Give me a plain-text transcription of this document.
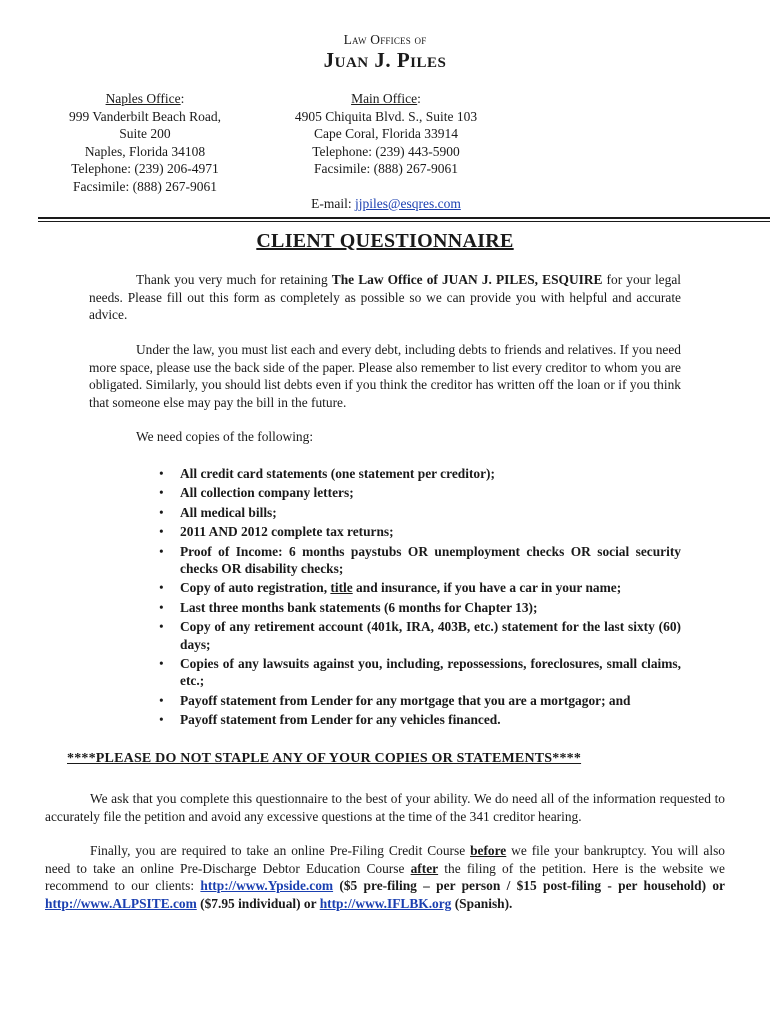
Law Offices of
Juan J. Piles
Naples Office:
999 Vanderbilt Beach Road,
Suite 200
Naples, Florida 34108
Telephone: (239) 206-4971
Facsimile: (888) 267-9061
Main Office:
4905 Chiquita Blvd. S., Suite 103
Cape Coral, Florida 33914
Telephone: (239) 443-5900
Facsimile: (888) 267-9061
E-mail: jjpiles@esqres.com
CLIENT QUESTIONNAIRE
Thank you very much for retaining The Law Office of JUAN J. PILES, ESQUIRE for your legal needs. Please fill out this form as completely as possible so we can provide you with helpful and accurate advice.
Under the law, you must list each and every debt, including debts to friends and relatives. If you need more space, please use the back side of the paper. Please also remember to list every creditor to whom you are obligated. Similarly, you should list debts even if you think the creditor has written off the loan or if you think that someone else may pay the bill in the future.
We need copies of the following:
• All credit card statements (one statement per creditor);
• All collection company letters;
• All medical bills;
• 2011 AND 2012 complete tax returns;
• Proof of Income: 6 months paystubs OR unemployment checks OR social security checks OR disability checks;
• Copy of auto registration, title and insurance, if you have a car in your name;
• Last three months bank statements (6 months for Chapter 13);
• Copy of any retirement account (401k, IRA, 403B, etc.) statement for the last sixty (60) days;
• Copies of any lawsuits against you, including, repossessions, foreclosures, small claims, etc.;
• Payoff statement from Lender for any mortgage that you are a mortgagor; and
• Payoff statement from Lender for any vehicles financed.
****PLEASE DO NOT STAPLE ANY OF YOUR COPIES OR STATEMENTS****
We ask that you complete this questionnaire to the best of your ability. We do need all of the information requested to accurately file the petition and avoid any excessive questions at the time of the 341 creditor hearing.
Finally, you are required to take an online Pre-Filing Credit Course before we file your bankruptcy. You will also need to take an online Pre-Discharge Debtor Education Course after the filing of the petition. Here is the website we recommend to our clients: http://www.Ypside.com ($5 pre-filing – per person / $15 post-filing - per household) or http://www.ALPSITE.com ($7.95 individual) or http://www.IFLBK.org (Spanish).
